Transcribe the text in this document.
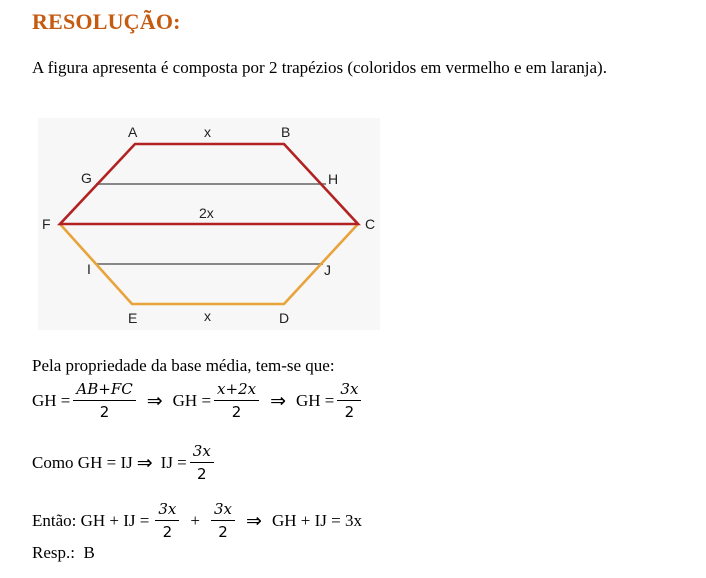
RESOLUÇÃO:
A figura apresenta é composta por 2 trapézios (coloridos em vermelho e em laranja).
A	x	B
G	H
2x
F	C
I	J
E	x	D
Pela propriedade da base média, tem-se que:
GH = $\frac{AB+FC}{2}$ ⇒ GH = $\frac{x+2x}{2}$ ⇒ GH = $\frac{3x}{2}$
Como GH = IJ ⇒ IJ = $\frac{3x}{2}$
Então: GH + IJ = $\frac{3x}{2} + \frac{3x}{2}$ ⇒ GH + IJ = 3x
Resp.:  B
